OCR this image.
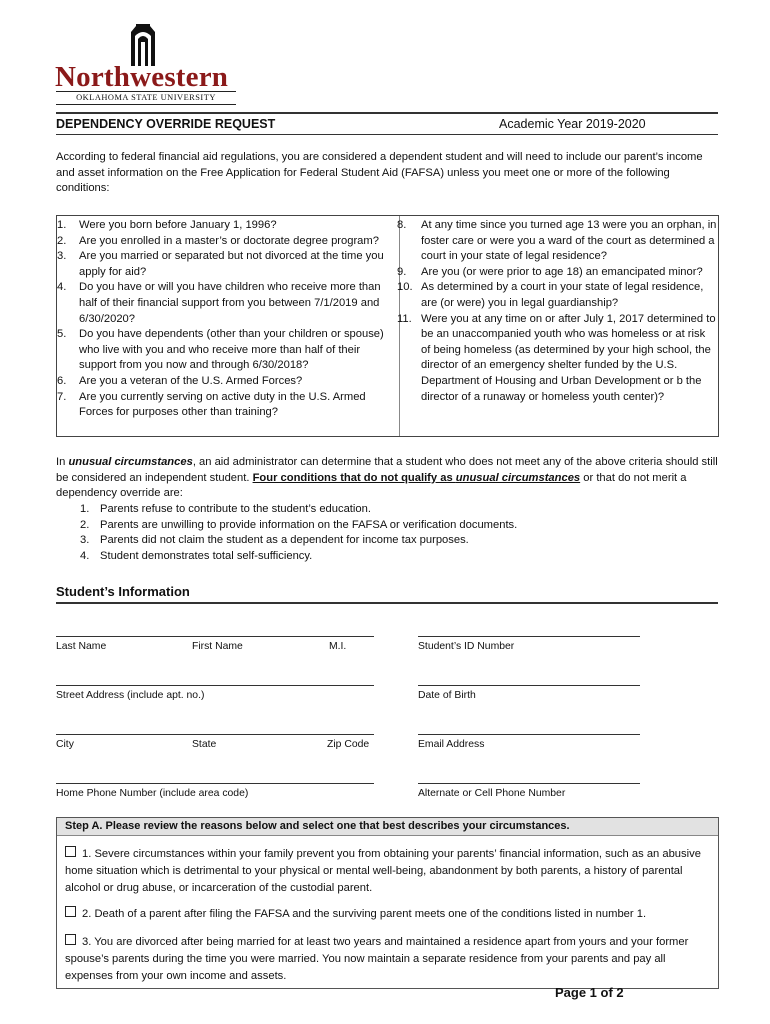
Northwestern
OKLAHOMA STATE UNIVERSITY
DEPENDENCY OVERRIDE REQUEST	Academic Year 2019-2020
According to federal financial aid regulations, you are considered a dependent student and will need to include our parent’s income and asset information on the Free Application for Federal Student Aid (FAFSA) unless you meet one or more of the following conditions:
1. Were you born before January 1, 1996?
2. Are you enrolled in a master’s or doctorate degree program?
3. Are you married or separated but not divorced at the time you apply for aid?
4. Do you have or will you have children who receive more than half of their financial support from you between 7/1/2019 and 6/30/2020?
5. Do you have dependents (other than your children or spouse) who live with you and who receive more than half of their support from you now and through 6/30/2018?
6. Are you a veteran of the U.S. Armed Forces?
7. Are you currently serving on active duty in the U.S. Armed Forces for purposes other than training?
8. At any time since you turned age 13 were you an orphan, in foster care or were you a ward of the court as determined a court in your state of legal residence?
9. Are you (or were prior to age 18) an emancipated minor?
10. As determined by a court in your state of legal residence, are (or were) you in legal guardianship?
11. Were you at any time on or after July 1, 2017 determined to be an unaccompanied youth who was homeless or at risk of being homeless (as determined by your high school, the director of an emergency shelter funded by the U.S. Department of Housing and Urban Development or b the director of a runaway or homeless youth center)?
In unusual circumstances, an aid administrator can determine that a student who does not meet any of the above criteria should still be considered an independent student. Four conditions that do not qualify as unusual circumstances or that do not merit a dependency override are:
1. Parents refuse to contribute to the student’s education.
2. Parents are unwilling to provide information on the FAFSA or verification documents.
3. Parents did not claim the student as a dependent for income tax purposes.
4. Student demonstrates total self-sufficiency.
Student’s Information
Last Name	First Name	M.I.	Student’s ID Number
Street Address (include apt. no.)	Date of Birth
City	State	Zip Code	Email Address
Home Phone Number (include area code)	Alternate or Cell Phone Number
Step A. Please review the reasons below and select one that best describes your circumstances.
1. Severe circumstances within your family prevent you from obtaining your parents’ financial information, such as an abusive home situation which is detrimental to your physical or mental well-being, abandonment by both parents, a history of parental alcohol or drug abuse, or incarceration of the custodial parent.
2. Death of a parent after filing the FAFSA and the surviving parent meets one of the conditions listed in number 1.
3. You are divorced after being married for at least two years and maintained a residence apart from yours and your former spouse’s parents during the time you were married. You now maintain a separate residence from your parents and pay all expenses from your own income and assets.
Page 1 of 2
